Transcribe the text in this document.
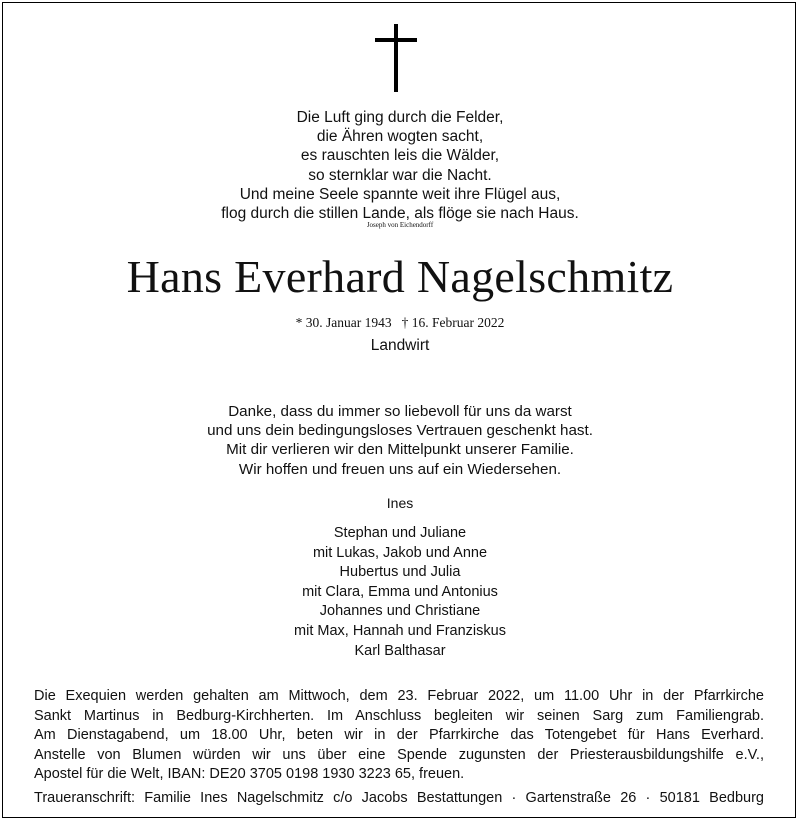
Die Luft ging durch die Felder,
die Ähren wogten sacht,
es rauschten leis die Wälder,
so sternklar war die Nacht.
Und meine Seele spannte weit ihre Flügel aus,
flog durch die stillen Lande, als flöge sie nach Haus.
Joseph von Eichendorff
Hans Everhard Nagelschmitz
* 30. Januar 1943 † 16. Februar 2022
Landwirt
Danke, dass du immer so liebevoll für uns da warst
und uns dein bedingungsloses Vertrauen geschenkt hast.
Mit dir verlieren wir den Mittelpunkt unserer Familie.
Wir hoffen und freuen uns auf ein Wiedersehen.
Ines
Stephan und Juliane
mit Lukas, Jakob und Anne
Hubertus und Julia
mit Clara, Emma und Antonius
Johannes und Christiane
mit Max, Hannah und Franziskus
Karl Balthasar
Die Exequien werden gehalten am Mittwoch, dem 23. Februar 2022, um 11.00 Uhr in der Pfarrkirche
Sankt Martinus in Bedburg-Kirchherten. Im Anschluss begleiten wir seinen Sarg zum Familiengrab.
Am Dienstagabend, um 18.00 Uhr, beten wir in der Pfarrkirche das Totengebet für Hans Everhard.
Anstelle von Blumen würden wir uns über eine Spende zugunsten der Priesterausbildungshilfe e.V.,
Apostel für die Welt, IBAN: DE20 3705 0198 1930 3223 65, freuen.
Traueranschrift: Familie Ines Nagelschmitz c/o Jacobs Bestattungen · Gartenstraße 26 · 50181 Bedburg
